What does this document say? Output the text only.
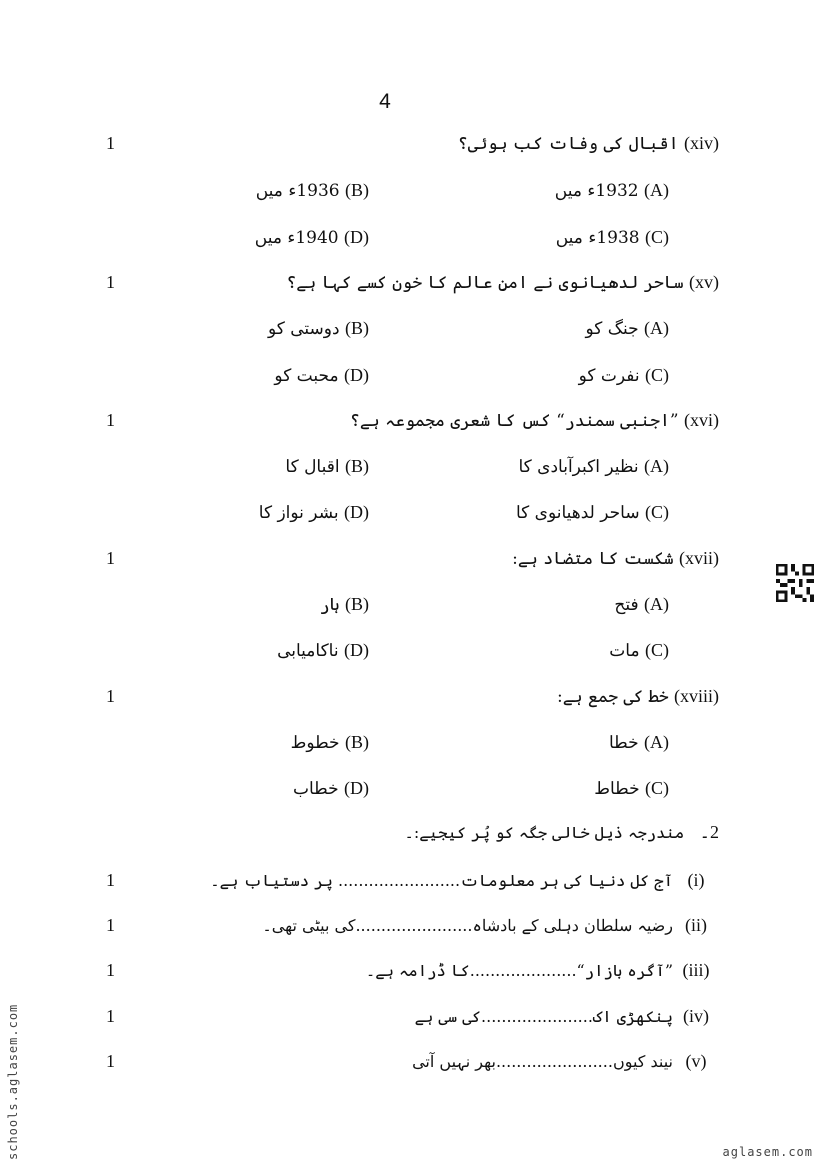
4
1	(xiv) اقبال کی وفات کب ہوئی؟
(A) 1932ء میں
(B) 1936ء میں
(C) 1938ء میں
(D) 1940ء میں
1	(xv) ساحر لدھیانوی نے امنِ عالم کا خون کسے کہا ہے؟
(A) جنگ کو
(B) دوستی کو
(C) نفرت کو
(D) محبت کو
1	(xvi) ”اجنبی سمندر“ کس کا شعری مجموعہ ہے؟
(A) نظیر اکبرآبادی کا
(B) اقبال کا
(C) ساحر لدھیانوی کا
(D) بشر نواز کا
1	(xvii) شکست کا متضاد ہے:
(A) فتح
(B) ہار
(C) مات
(D) ناکامیابی
1	(xviii) خط کی جمع ہے:
(A) خطا
(B) خطوط
(C) خطاط
(D) خطاب
2۔   مندرجہ ذیل خالی جگہ کو پُر کیجیے:۔
1	(i)آج کل دنیا کی ہر معلومات........................ پر دستیاب ہے۔
1	(ii)رضیہ سلطان دہلی کے بادشاہ.......................کی بیٹی تھی۔
1	(iii)”آگرہ بازار“.....................کا ڈرامہ ہے۔
1	(iv)پنکھڑی اک......................کی سی ہے
1	(v)نیند کیوں.......................بھر نہیں آتی
schools.aglasem.com	aglasem.com
